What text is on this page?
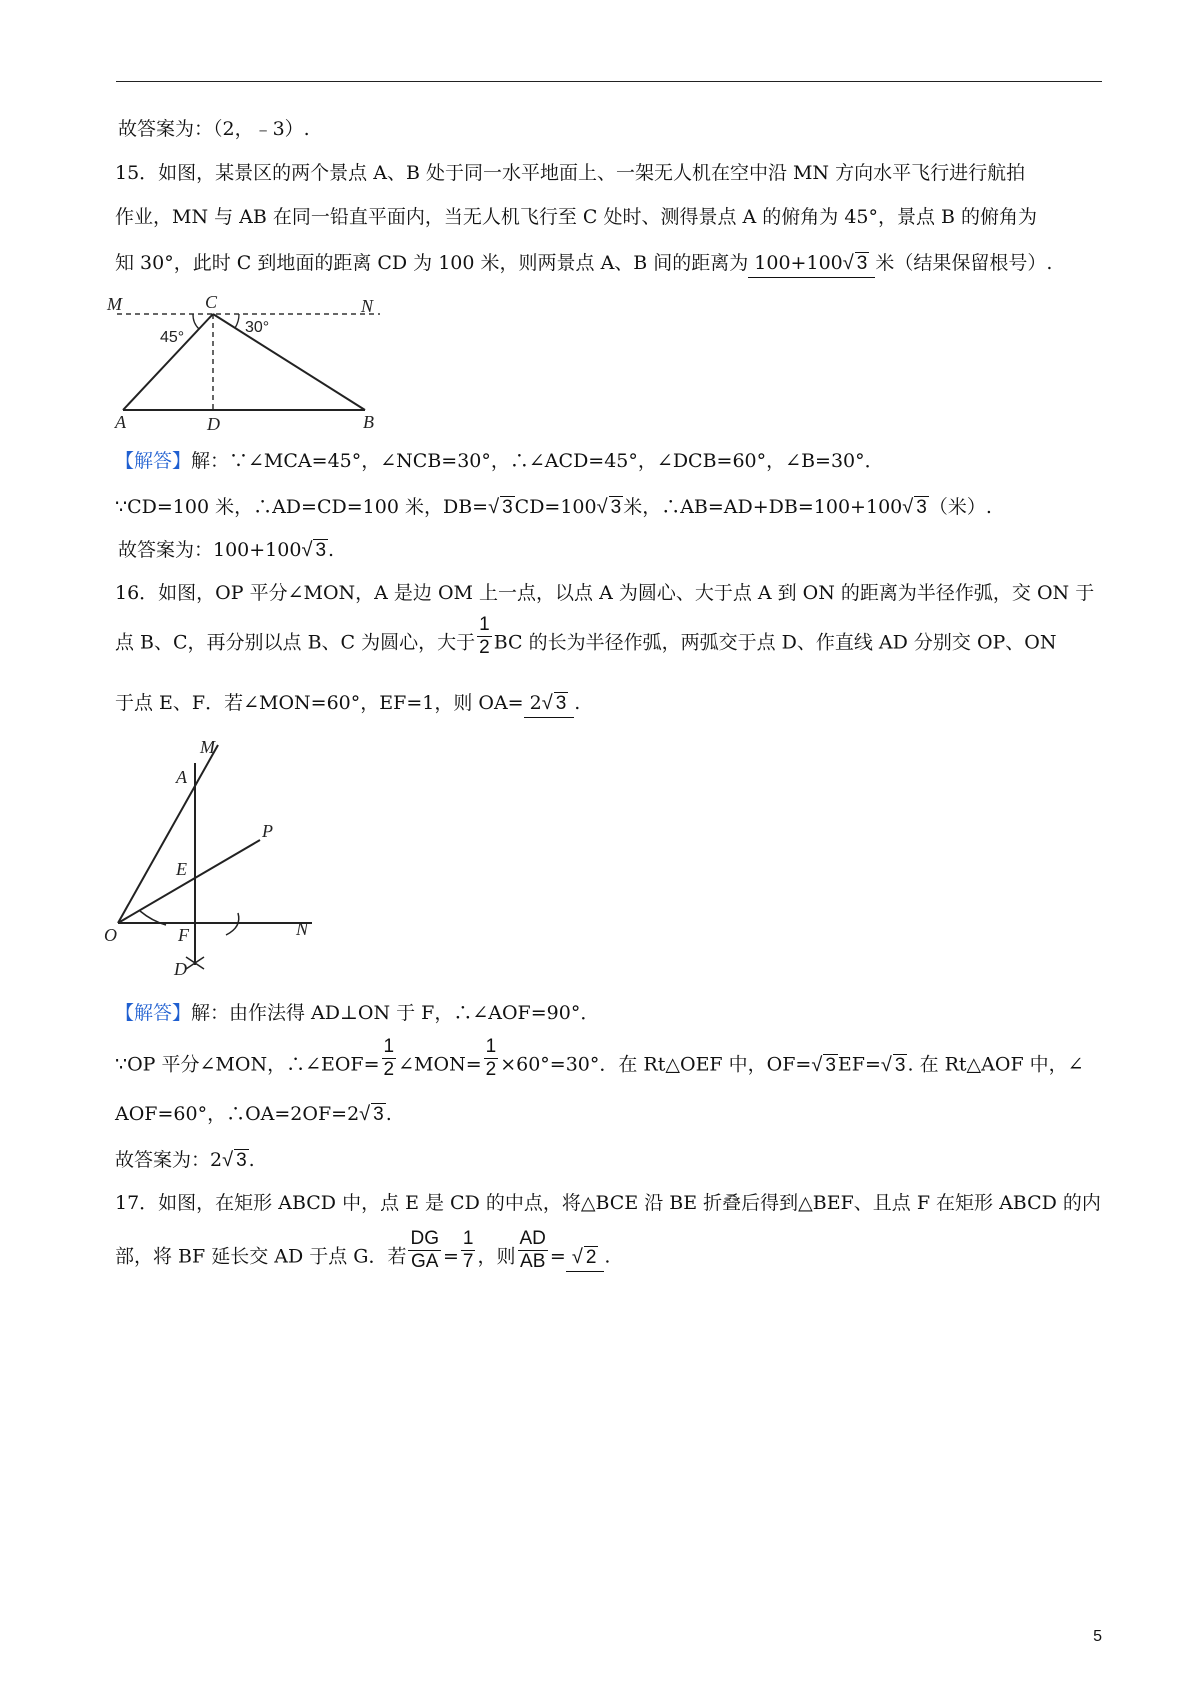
故答案为：（2，﹣3）.
15．如图，某景区的两个景点 A、B 处于同一水平地面上、一架无人机在空中沿 MN 方向水平飞行进行航拍
作业，MN 与 AB 在同一铅直平面内，当无人机飞行至 C 处时、测得景点 A 的俯角为 45°，景点 B 的俯角为
知 30°，此时 C 到地面的距离 CD 为 100 米，则两景点 A、B 间的距离为 100+100 √ 3 米（结果保留根号）.
M	C	N
45°
30°
A	D	B
【解答】解：∵∠MCA=45°，∠NCB=30°，∴∠ACD=45°，∠DCB=60°，∠B=30°．
∵CD=100 米，∴AD=CD=100 米，DB= √ 3 CD=100 √ 3 米，∴AB=AD+DB=100+100 √ 3 （米）.
故答案为：100+100 √ 3 .
16．如图，OP 平分∠MON，A 是边 OM 上一点，以点 A 为圆心、大于点 A 到 ON 的距离为半径作弧，交 ON 于
点 B、C，再分别以点 B、C 为圆心，大于 $\frac{1}{2}$ BC 的长为半径作弧，两弧交于点 D、作直线 AD 分别交 OP、ON
于点 E、F．若∠MON=60°，EF=1，则 OA= 2 √ 3 .
M
A
P
E
O	F	N
D
【解答】解：由作法得 AD⊥ON 于 F，∴∠AOF=90°．
∵OP 平分∠MON，∴∠EOF= $\frac{1}{2}$ ∠MON= $\frac{1}{2} \times 60^\circ=30^\circ$．在 Rt△OEF 中，OF= √ 3 EF= √ 3 . 在 Rt△AOF 中，∠
AOF=60°，∴OA=2OF=2 √ 3 .
故答案为：2 √ 3 .
17．如图，在矩形 ABCD 中，点 E 是 CD 的中点，将△BCE 沿 BE 折叠后得到△BEF、且点 F 在矩形 ABCD 的内
部，将 BF 延长交 AD 于点 G．若 $\frac{DG}{GA} = \frac{1}{7}$ ，则 $\frac{AD}{AB}$ = √ 2 .
5
